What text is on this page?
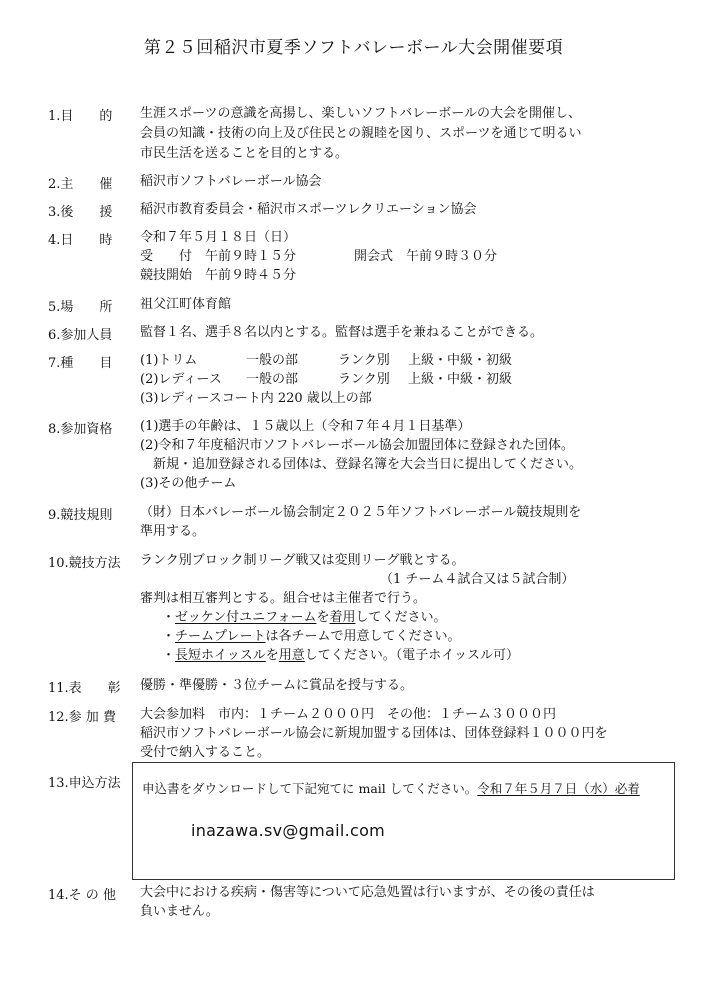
第２５回稲沢市夏季ソフトバレーボール大会開催要項
1.目　　的 生涯スポーツの意識を高揚し、楽しいソフトバレーボールの大会を開催し、
会員の知識・技術の向上及び住民との親睦を図り、スポーツを通じて明るい
市民生活を送ることを目的とする。
2.主　　催 稲沢市ソフトバレーボール協会
3.後　　援 稲沢市教育委員会・稲沢市スポーツレクリエーション協会
4.日　　時 令和７年５月１８日（日）
受　　付　午前９時１５分	開会式　午前９時３０分
競技開始　午前９時４５分
5.場　　所 祖父江町体育館
6.参加人員 監督１名、選手８名以内とする。監督は選手を兼ねることができる。
7.種　　目 (1)トリム	一般の部	ランク別 上級・中級・初級
(2)レディース 一般の部	ランク別 上級・中級・初級
(3)レディースコート内 220 歳以上の部
8.参加資格 (1)選手の年齢は、１５歳以上（令和７年４月１日基準）
(2)令和７年度稲沢市ソフトバレーボール協会加盟団体に登録された団体。
新規・追加登録される団体は、登録名簿を大会当日に提出してください。
(3)その他チーム
9.競技規則 （財）日本バレーボール協会制定２０２５年ソフトバレーボール競技規則を
準用する。
10.競技方法 ランク別ブロック制リーグ戦又は変則リーグ戦とする。
（1 チーム４試合又は５試合制）
審判は相互審判とする。組合せは主催者で行う。
・ゼッケン付ユニフォームを着用してください。
・チームプレートは各チームで用意してください。
・長短ホイッスルを用意してください。（電子ホイッスル可）
11.表　　彰 優勝・準優勝・３位チームに賞品を授与する。
12.参 加 費 大会参加料　市内：１チーム２０００円　その他：１チーム３０００円
稲沢市ソフトバレーボール協会に新規加盟する団体は、団体登録料１０００円を
受付で納入すること。
13.申込方法 申込書をダウンロードして下記宛てに mail してください。令和７年５月７日（水）必着
inazawa.sv@gmail.com
14.そ の 他 大会中における疾病・傷害等について応急処置は行いますが、その後の責任は
負いません。
